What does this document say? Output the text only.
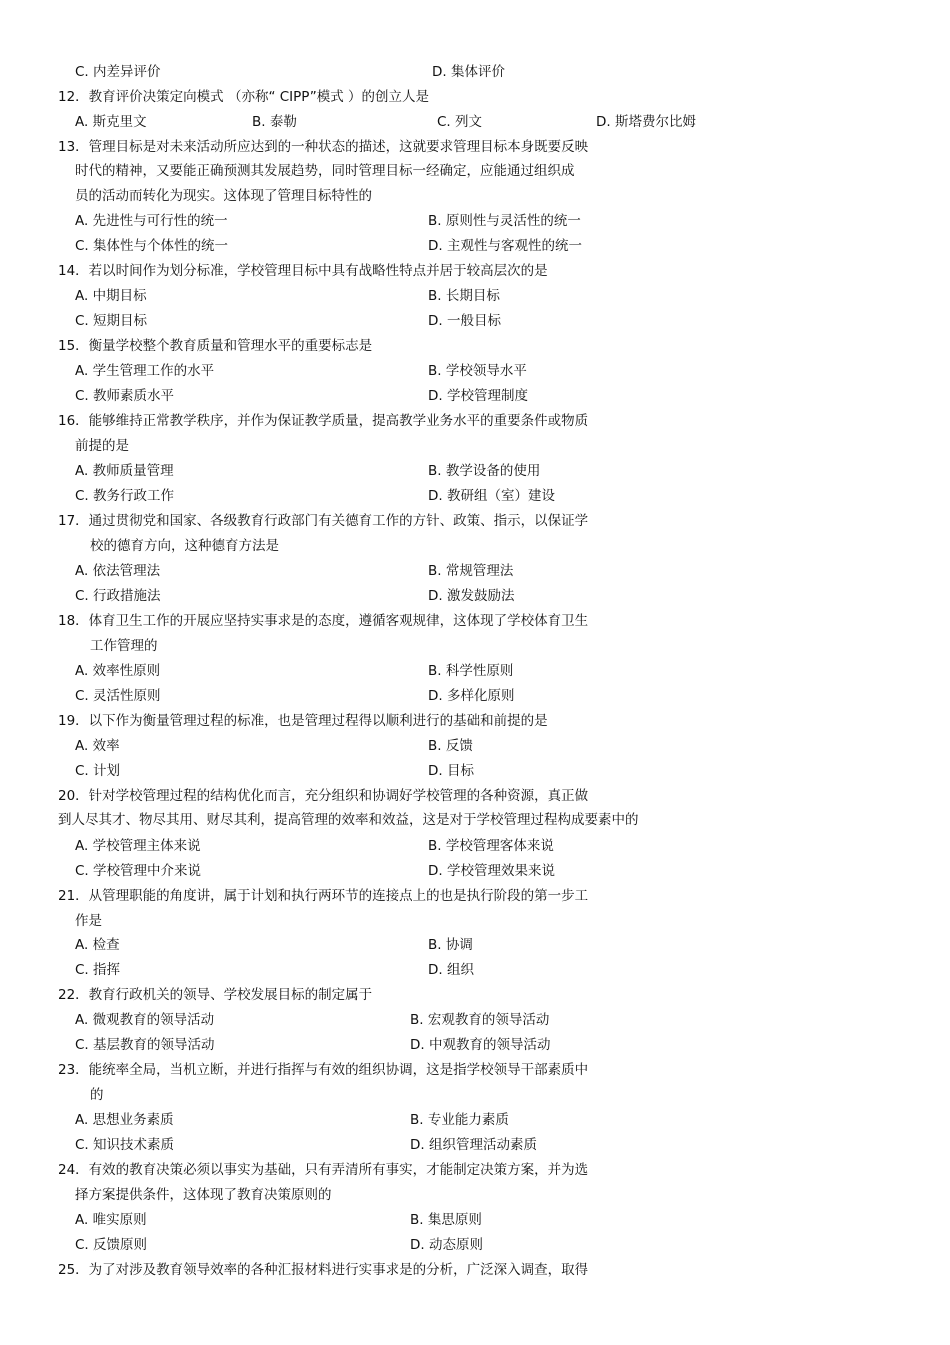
C. 内差异评价	D. 集体评价
12．教育评价决策定向模式 （亦称“ CIPP”模式 ）的创立人是
A. 斯克里文	B. 泰勒	C. 列文	D. 斯塔费尔比姆
13．管理目标是对未来活动所应达到的一种状态的描述，这就要求管理目标本身既要反映
时代的精神，又要能正确预测其发展趋势，同时管理目标一经确定，应能通过组织成
员的活动而转化为现实。这体现了管理目标特性的
A. 先进性与可行性的统一	B. 原则性与灵活性的统一
C. 集体性与个体性的统一	D. 主观性与客观性的统一
14．若以时间作为划分标准，学校管理目标中具有战略性特点并居于较高层次的是
A. 中期目标	B. 长期目标
C. 短期目标	D. 一般目标
15．衡量学校整个教育质量和管理水平的重要标志是
A. 学生管理工作的水平	B. 学校领导水平
C. 教师素质水平	D. 学校管理制度
16．能够维持正常教学秩序，并作为保证教学质量，提高教学业务水平的重要条件或物质
前提的是
A. 教师质量管理	B. 教学设备的使用
C. 教务行政工作	D. 教研组（室）建设
17．通过贯彻党和国家、各级教育行政部门有关德育工作的方针、政策、指示，以保证学
校的德育方向，这种德育方法是
A. 依法管理法	B. 常规管理法
C. 行政措施法	D. 激发鼓励法
18．体育卫生工作的开展应坚持实事求是的态度，遵循客观规律，这体现了学校体育卫生
工作管理的
A. 效率性原则	B. 科学性原则
C. 灵活性原则	D. 多样化原则
19．以下作为衡量管理过程的标准，也是管理过程得以顺利进行的基础和前提的是
A. 效率	B. 反馈
C. 计划	D. 目标
20．针对学校管理过程的结构优化而言，充分组织和协调好学校管理的各种资源，真正做
到人尽其才、物尽其用、财尽其利，提高管理的效率和效益，这是对于学校管理过程构成要素中的
A. 学校管理主体来说	B. 学校管理客体来说
C. 学校管理中介来说	D. 学校管理效果来说
21．从管理职能的角度讲，属于计划和执行两环节的连接点上的也是执行阶段的第一步工
作是
A. 检查	B. 协调
C. 指挥	D. 组织
22．教育行政机关的领导、学校发展目标的制定属于
A. 微观教育的领导活动	B. 宏观教育的领导活动
C. 基层教育的领导活动	D. 中观教育的领导活动
23．能统率全局，当机立断，并进行指挥与有效的组织协调，这是指学校领导干部素质中
的
A. 思想业务素质	B. 专业能力素质
C. 知识技术素质	D. 组织管理活动素质
24．有效的教育决策必须以事实为基础，只有弄清所有事实，才能制定决策方案，并为选
择方案提供条件，这体现了教育决策原则的
A. 唯实原则	B. 集思原则
C. 反馈原则	D. 动态原则
25．为了对涉及教育领导效率的各种汇报材料进行实事求是的分析，广泛深入调查，取得
